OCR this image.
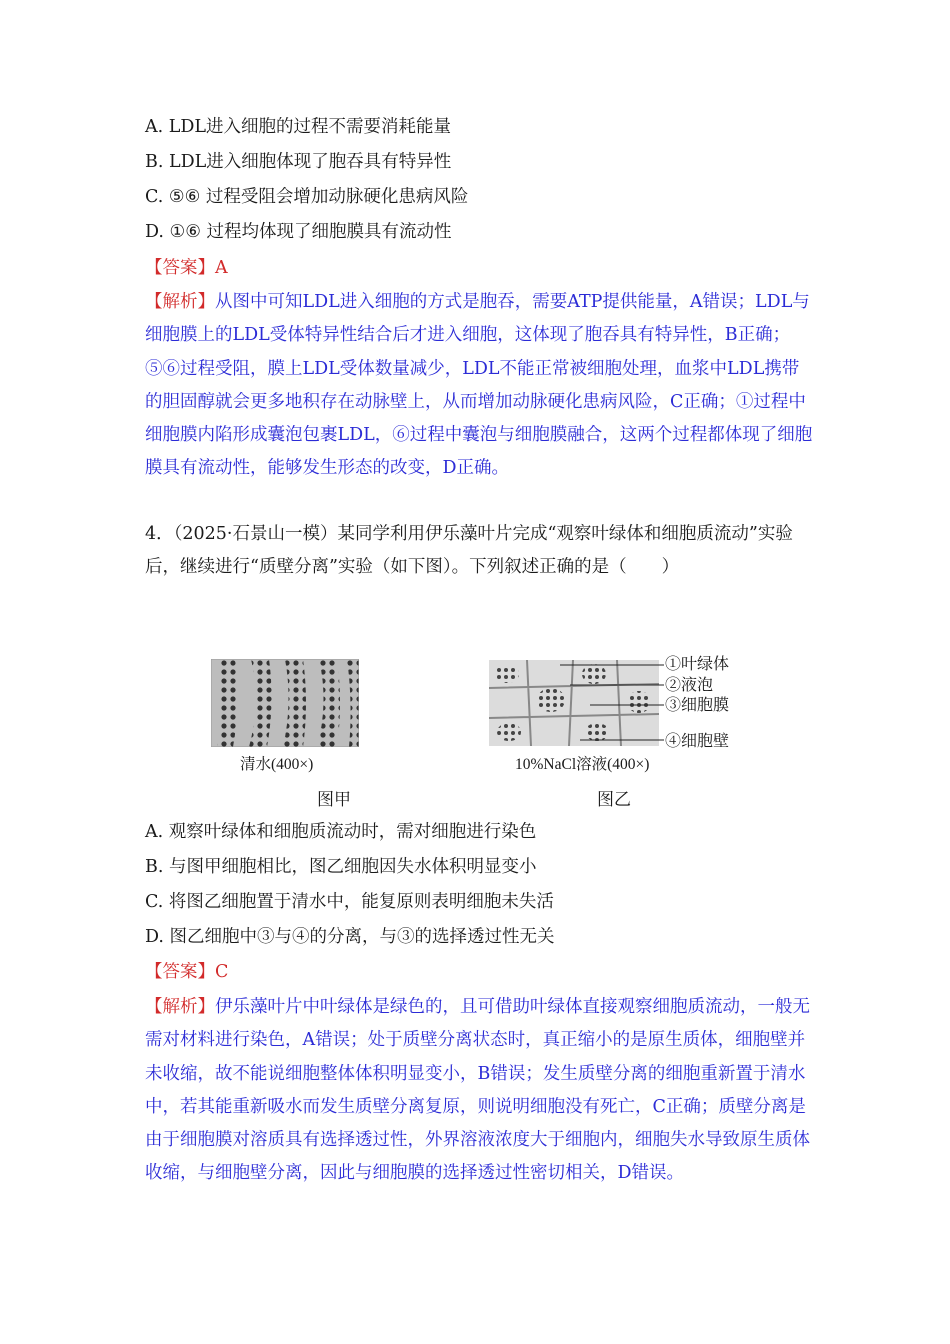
A. LDL进入细胞的过程不需要消耗能量
B. LDL进入细胞体现了胞吞具有特异性
C. ⑤⑥ 过程受阻会增加动脉硬化患病风险
D. ①⑥ 过程均体现了细胞膜具有流动性
【答案】A
【解析】从图中可知LDL进入细胞的方式是胞吞，需要ATP提供能量，A错误；LDL与细胞膜上的LDL受体特异性结合后才进入细胞，这体现了胞吞具有特异性，B正确；⑤⑥过程受阻，膜上LDL受体数量减少，LDL不能正常被细胞处理，血浆中LDL携带的胆固醇就会更多地积存在动脉壁上，从而增加动脉硬化患病风险，C正确；①过程中细胞膜内陷形成囊泡包裹LDL，⑥过程中囊泡与细胞膜融合，这两个过程都体现了细胞膜具有流动性，能够发生形态的改变，D正确。
4．（2025·石景山一模）某同学利用伊乐藻叶片完成“观察叶绿体和细胞质流动”实验后，继续进行“质壁分离”实验（如下图）。下列叙述正确的是（　　）
清水(400×)
图甲
①叶绿体
②液泡
③细胞膜
④细胞壁
10%NaCl溶液(400×)
图乙
A. 观察叶绿体和细胞质流动时，需对细胞进行染色
B. 与图甲细胞相比，图乙细胞因失水体积明显变小
C. 将图乙细胞置于清水中，能复原则表明细胞未失活
D. 图乙细胞中③与④的分离，与③的选择透过性无关
【答案】C
【解析】伊乐藻叶片中叶绿体是绿色的，且可借助叶绿体直接观察细胞质流动，一般无需对材料进行染色，A错误；处于质壁分离状态时，真正缩小的是原生质体，细胞壁并未收缩，故不能说细胞整体体积明显变小，B错误；发生质壁分离的细胞重新置于清水中，若其能重新吸水而发生质壁分离复原，则说明细胞没有死亡，C正确；质壁分离是由于细胞膜对溶质具有选择透过性，外界溶液浓度大于细胞内，细胞失水导致原生质体收缩，与细胞壁分离，因此与细胞膜的选择透过性密切相关，D错误。
